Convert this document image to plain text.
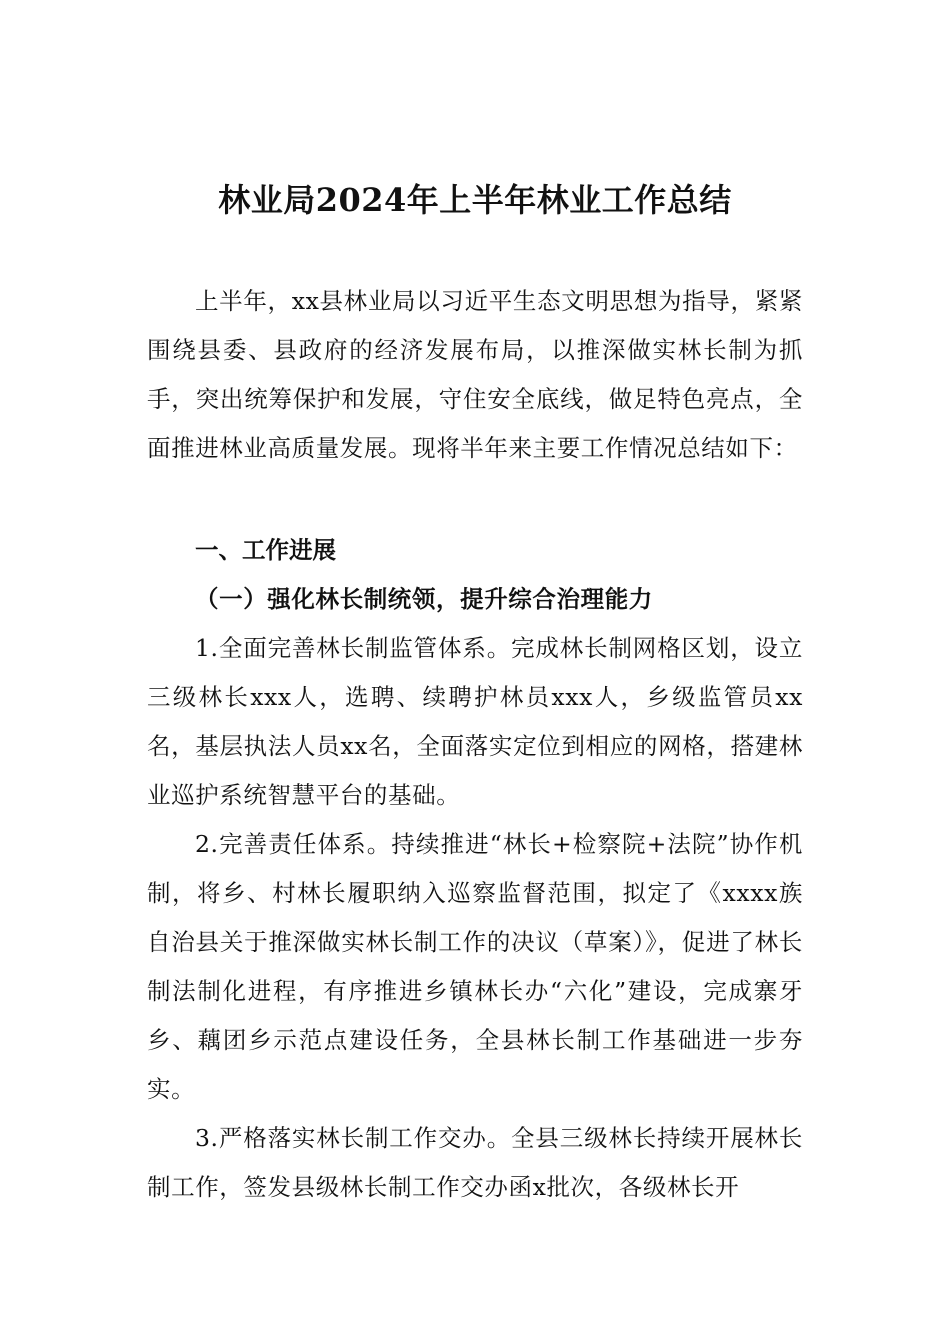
林业局2024年上半年林业工作总结

上半年，xx县林业局以习近平生态文明思想为指导，紧紧围绕县委、县政府的经济发展布局，以推深做实林长制为抓手，突出统筹保护和发展，守住安全底线，做足特色亮点，全面推进林业高质量发展。现将半年来主要工作情况总结如下：

一、工作进展
（一）强化林长制统领，提升综合治理能力

1.全面完善林长制监管体系。完成林长制网格区划，设立三级林长xxx人，选聘、续聘护林员xxx人，乡级监管员xx名，基层执法人员xx名，全面落实定位到相应的网格，搭建林业巡护系统智慧平台的基础。

2.完善责任体系。持续推进“林长+检察院+法院”协作机制，将乡、村林长履职纳入巡察监督范围，拟定了《xxxx族自治县关于推深做实林长制工作的决议（草案）》，促进了林长制法制化进程，有序推进乡镇林长办“六化”建设，完成寨牙乡、藕团乡示范点建设任务，全县林长制工作基础进一步夯实。

3.严格落实林长制工作交办。全县三级林长持续开展林长制工作，签发县级林长制工作交办函x批次，各级林长开
